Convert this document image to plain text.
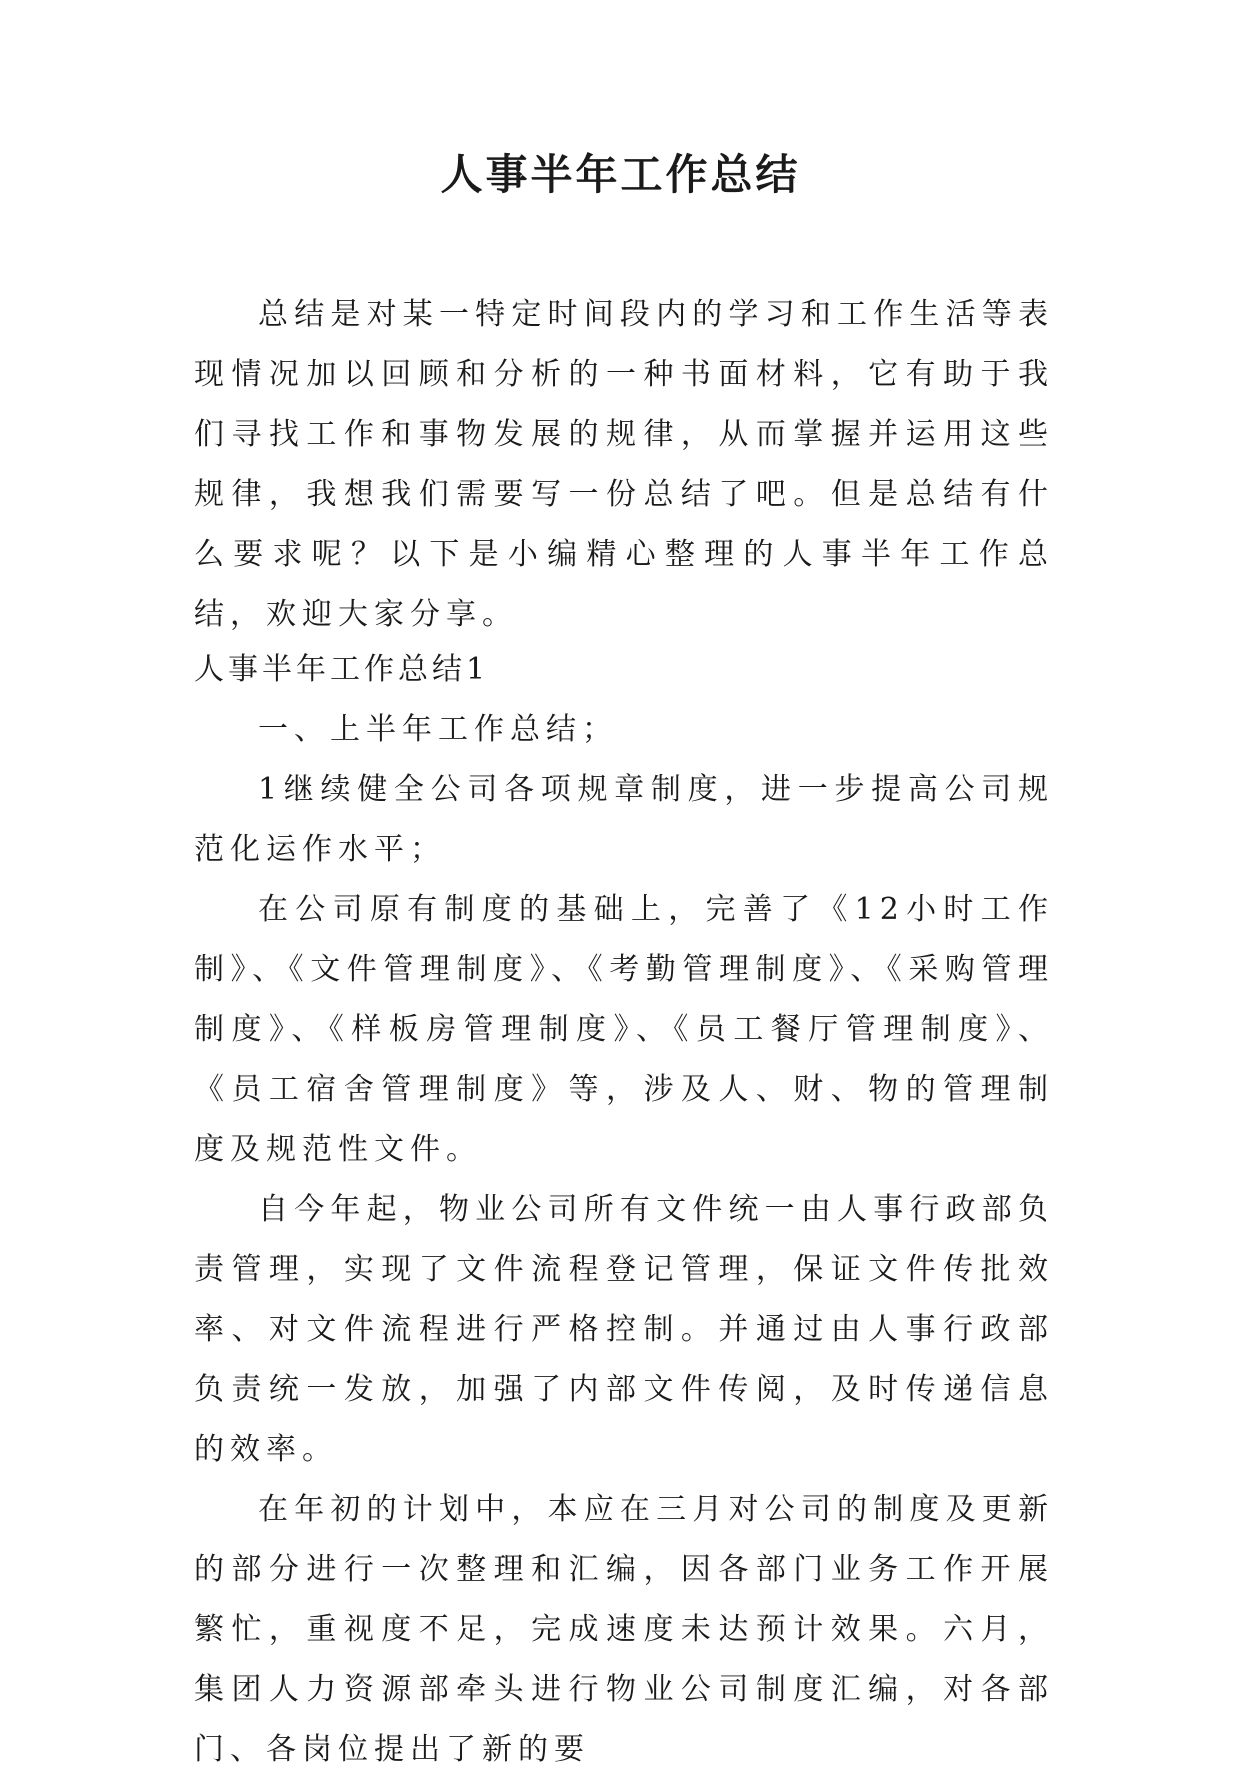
人事半年工作总结

总结是对某一特定时间段内的学习和工作生活等表现情况加以回顾和分析的一种书面材料，它有助于我们寻找工作和事物发展的规律，从而掌握并运用这些规律，我想我们需要写一份总结了吧。但是总结有什么要求呢？以下是小编精心整理的人事半年工作总结，欢迎大家分享。

人事半年工作总结1

一、上半年工作总结；

1继续健全公司各项规章制度，进一步提高公司规范化运作水平；

在公司原有制度的基础上，完善了《12小时工作制》、《文件管理制度》、《考勤管理制度》、《采购管理制度》、《样板房管理制度》、《员工餐厅管理制度》、《员工宿舍管理制度》等，涉及人、财、物的管理制度及规范性文件。

自今年起，物业公司所有文件统一由人事行政部负责管理，实现了文件流程登记管理，保证文件传批效率、对文件流程进行严格控制。并通过由人事行政部负责统一发放，加强了内部文件传阅，及时传递信息的效率。

在年初的计划中，本应在三月对公司的制度及更新的部分进行一次整理和汇编，因各部门业务工作开展繁忙，重视度不足，完成速度未达预计效果。六月，集团人力资源部牵头进行物业公司制度汇编，对各部门、各岗位提出了新的要
